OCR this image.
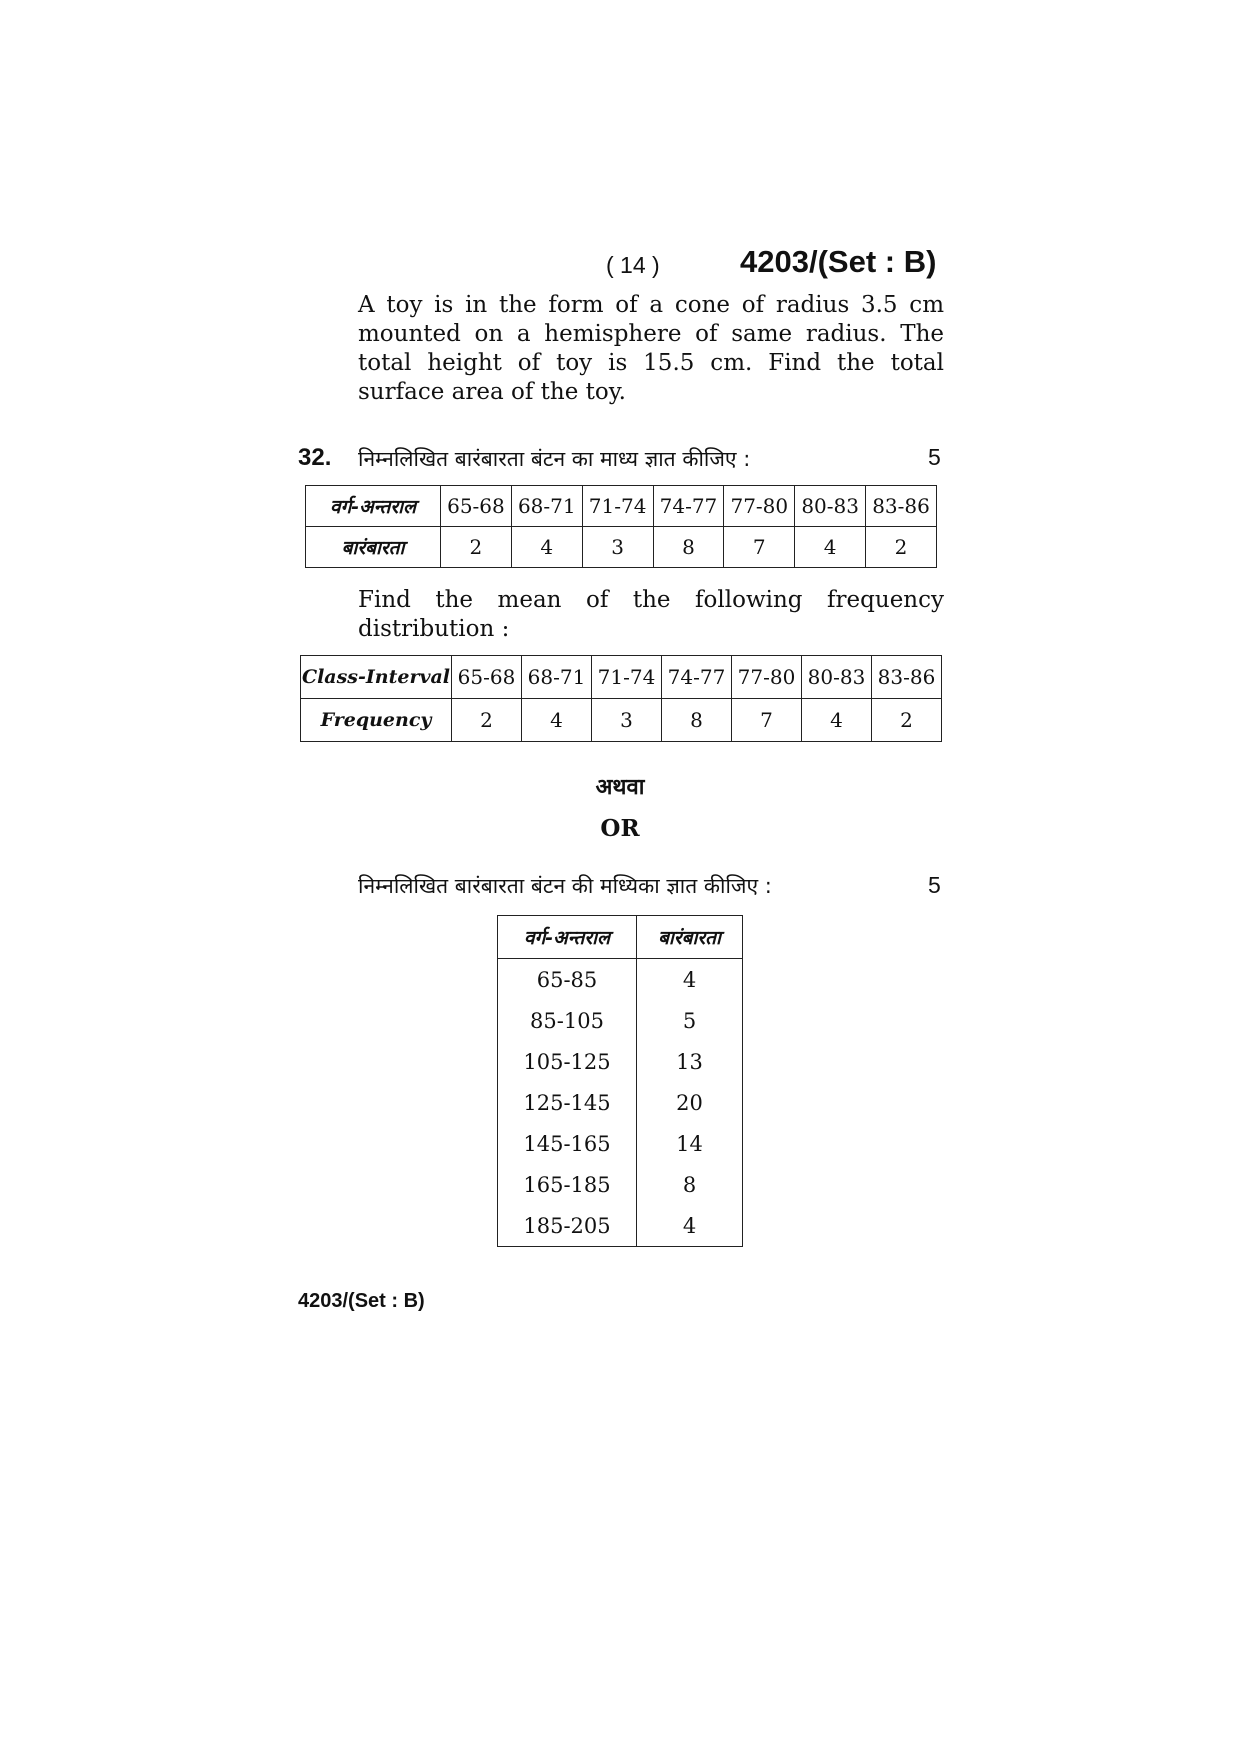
( 14 )	4203/(Set : B)

A toy is in the form of a cone of radius 3.5 cm mounted on a hemisphere of same radius. The total height of toy is 15.5 cm. Find the total surface area of the toy.

32. निम्नलिखित बारंबारता बंटन का माध्य ज्ञात कीजिए :	5
वर्ग-अन्तराल	65-68	68-71	71-74	74-77	77-80	80-83	83-86
बारंबारता	2	4	3	8	7	4	2

Find the mean of the following frequency

distribution :

Class-Interval	65-68	68-71	71-74	74-77	77-80	80-83	83-86
Frequency	2	4	3	8	7	4	2
अथवा
OR
निम्नलिखित बारंबारता बंटन की मध्यिका ज्ञात कीजिए :	5
वर्ग-अन्तराल	बारंबारता
65-85	4
85-105	5
105-125	13
125-145	20
145-165	14
165-185	8
185-205	4
4203/(Set : B)
